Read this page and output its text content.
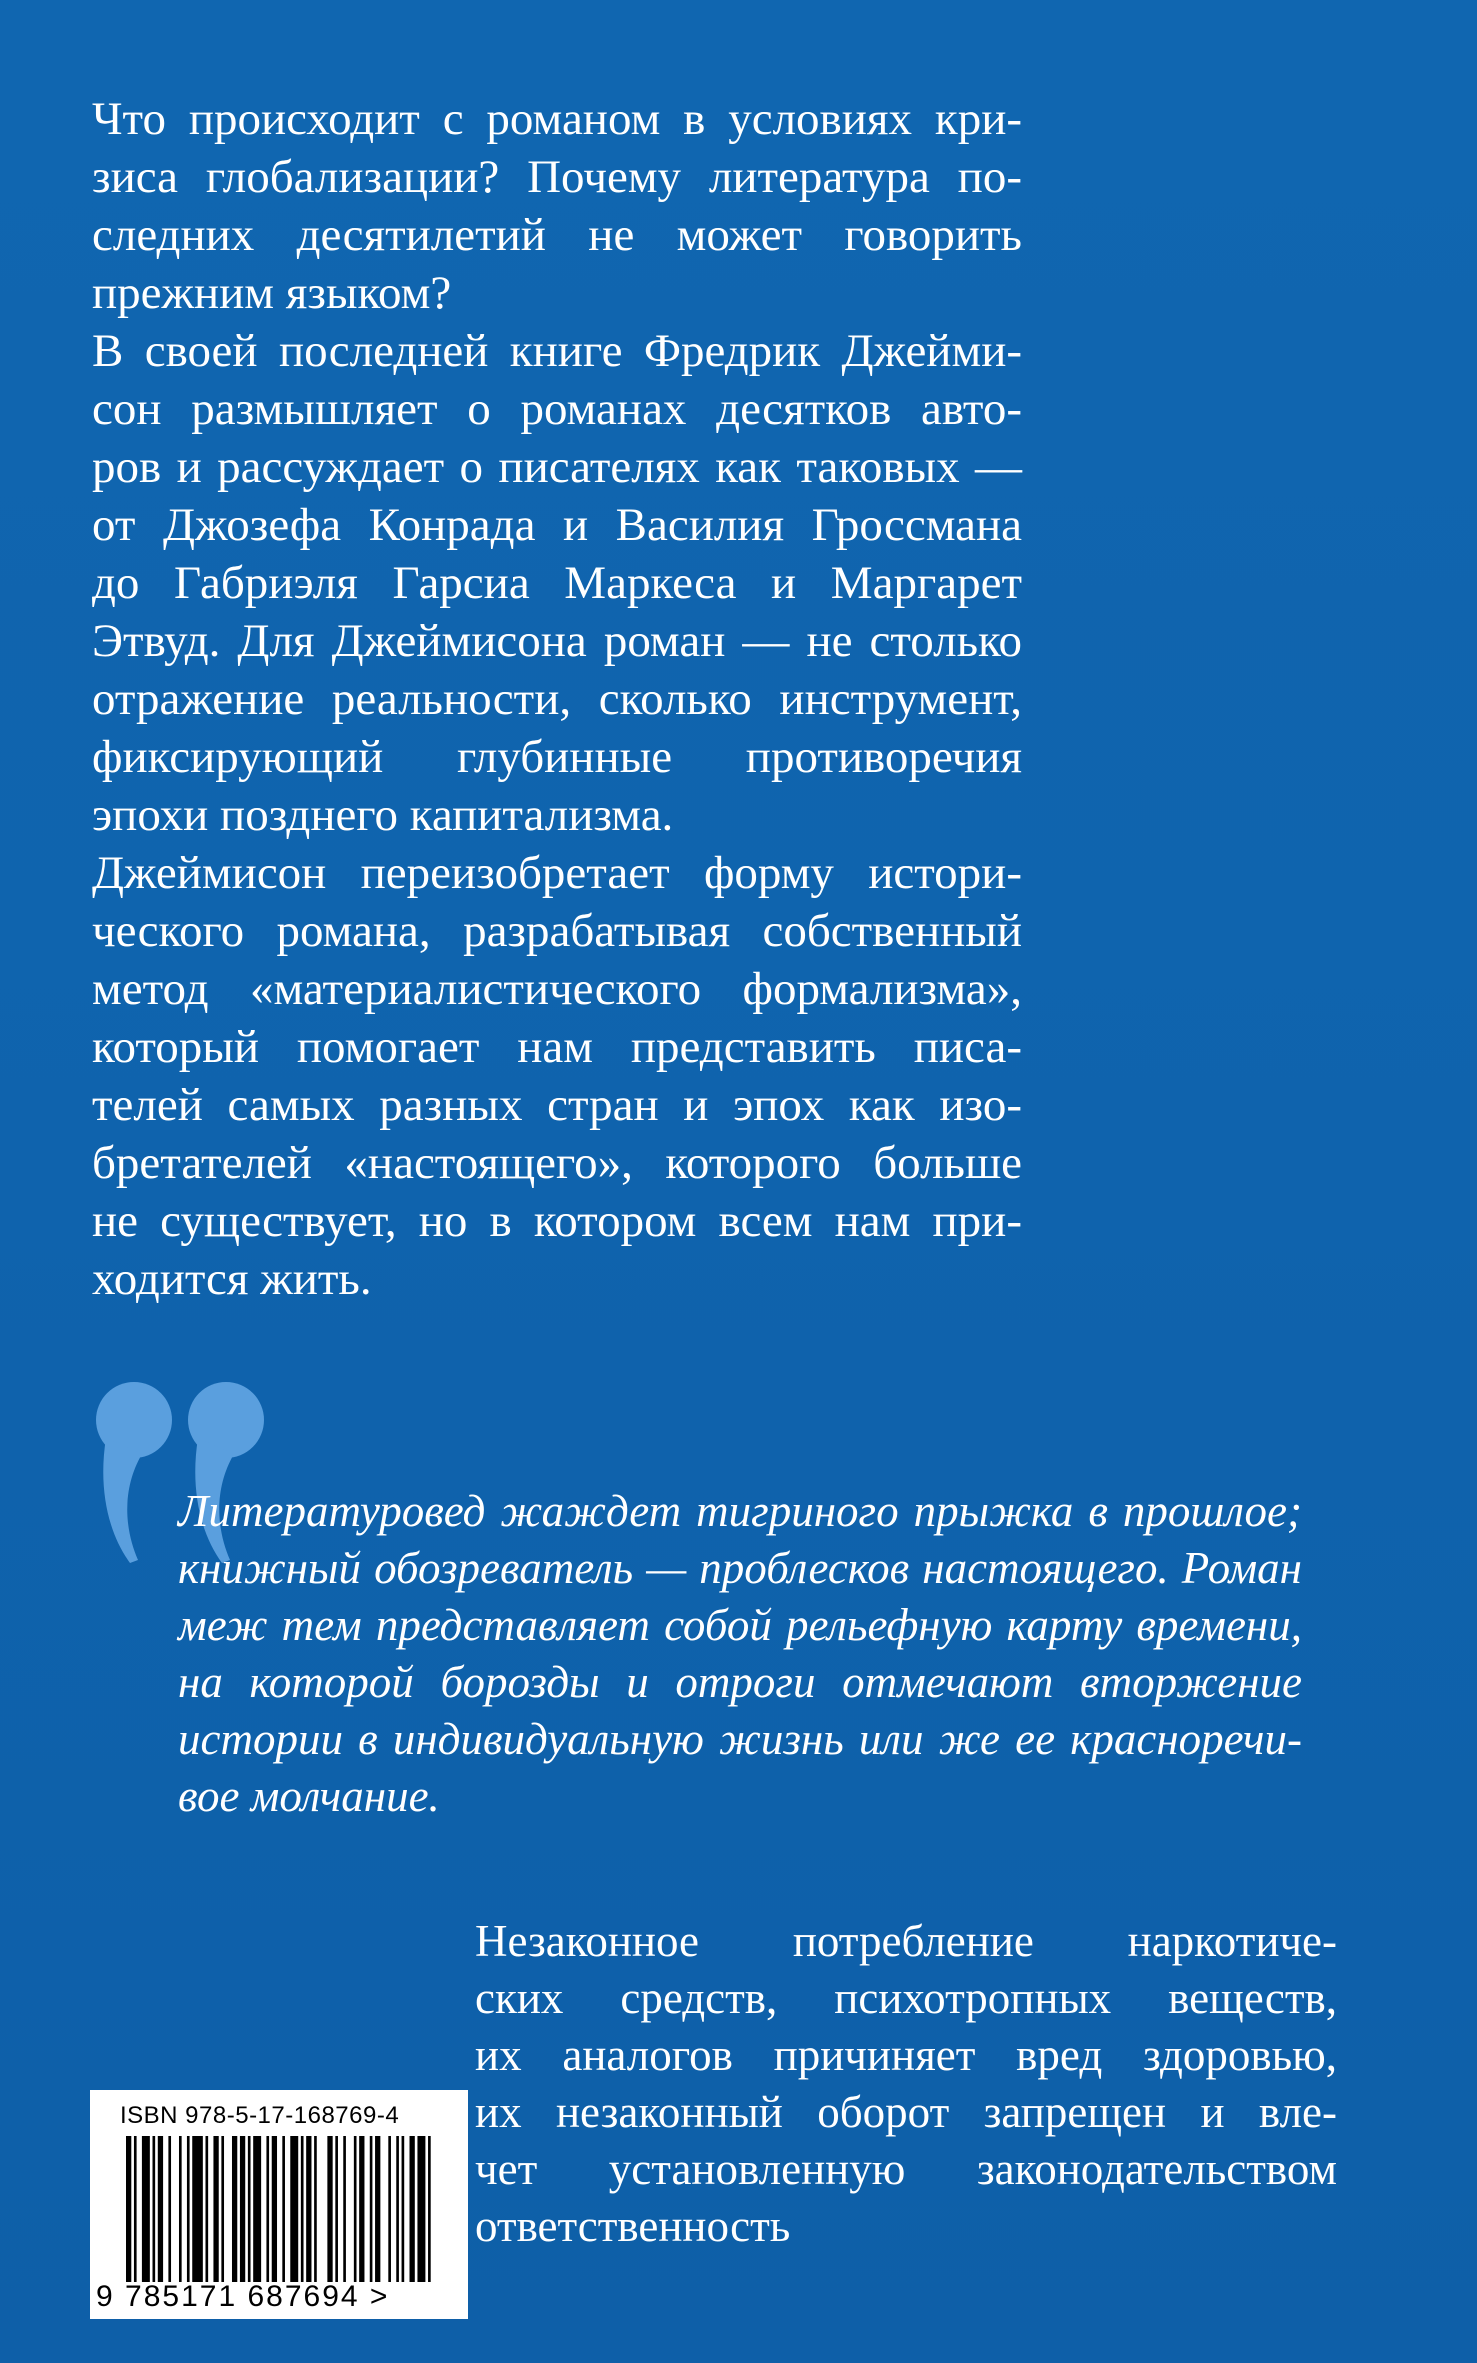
Что происходит с романом в условиях кри-
зиса глобализации? Почему литература по-
следних десятилетий не может говорить
прежним языком?
В своей последней книге Фредрик Джейми-
сон размышляет о романах десятков авто-
ров и рассуждает о писателях как таковых —
от Джозефа Конрада и Василия Гроссмана
до Габриэля Гарсиа Маркеса и Маргарет
Этвуд. Для Джеймисона роман — не столько
отражение реальности, сколько инструмент,
фиксирующий глубинные противоречия
эпохи позднего капитализма.
Джеймисон переизобретает форму истори-
ческого романа, разрабатывая собственный
метод «материалистического формализма»,
который помогает нам представить писа-
телей самых разных стран и эпох как изо-
бретателей «настоящего», которого больше
не существует, но в котором всем нам при-
ходится жить.
Литературовед жаждет тигриного прыжка в прошлое;
книжный обозреватель — проблесков настоящего. Роман
меж тем представляет собой рельефную карту времени,
на которой борозды и отроги отмечают вторжение
истории в индивидуальную жизнь или же ее красноречи-
вое молчание.
ISBN 978-5-17-168769-4
9 785171 687694 >
Незаконное потребление наркотиче-
ских средств, психотропных веществ,
их аналогов причиняет вред здоровью,
их незаконный оборот запрещен и вле-
чет установленную законодательством
ответственность
